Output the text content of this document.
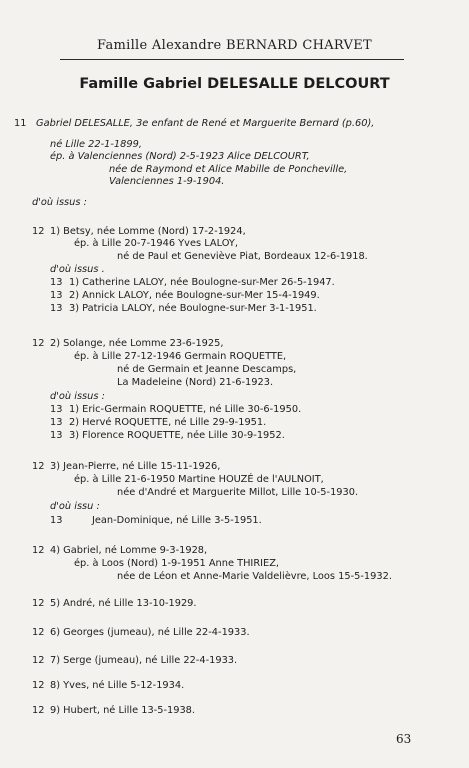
Famille Alexandre BERNARD CHARVET
Famille Gabriel DELESALLE DELCOURT
11 Gabriel DELESALLE, 3e enfant de René et Marguerite Bernard (p.60),
né Lille 22-1-1899,
ép. à Valenciennes (Nord) 2-5-1923 Alice DELCOURT,
née de Raymond et Alice Mabille de Poncheville,
Valenciennes 1-9-1904.
d'où issus :
12 1) Betsy, née Lomme (Nord) 17-2-1924,
ép. à Lille 20-7-1946 Yves LALOY,
né de Paul et Geneviève Piat, Bordeaux 12-6-1918.
d'où issus .
13 1) Catherine LALOY, née Boulogne-sur-Mer 26-5-1947.
13 2) Annick LALOY, née Boulogne-sur-Mer 15-4-1949.
13 3) Patricia LALOY, née Boulogne-sur-Mer 3-1-1951.
12 2) Solange, née Lomme 23-6-1925,
ép. à Lille 27-12-1946 Germain ROQUETTE,
né de Germain et Jeanne Descamps,
La Madeleine (Nord) 21-6-1923.
d'où issus :
13 1) Eric-Germain ROQUETTE, né Lille 30-6-1950.
13 2) Hervé ROQUETTE, né Lille 29-9-1951.
13 3) Florence ROQUETTE, née Lille 30-9-1952.
12 3) Jean-Pierre, né Lille 15-11-1926,
ép. à Lille 21-6-1950 Martine HOUZÉ de l'AULNOIT,
née d'André et Marguerite Millot, Lille 10-5-1930.
d'où issu :
13	Jean-Dominique, né Lille 3-5-1951.
12 4) Gabriel, né Lomme 9-3-1928,
ép. à Loos (Nord) 1-9-1951 Anne THIRIEZ,
née de Léon et Anne-Marie Valdelièvre, Loos 15-5-1932.
12 5) André, né Lille 13-10-1929.
12 6) Georges (jumeau), né Lille 22-4-1933.
12 7) Serge (jumeau), né Lille 22-4-1933.
12 8) Yves, né Lille 5-12-1934.
12 9) Hubert, né Lille 13-5-1938.
63
